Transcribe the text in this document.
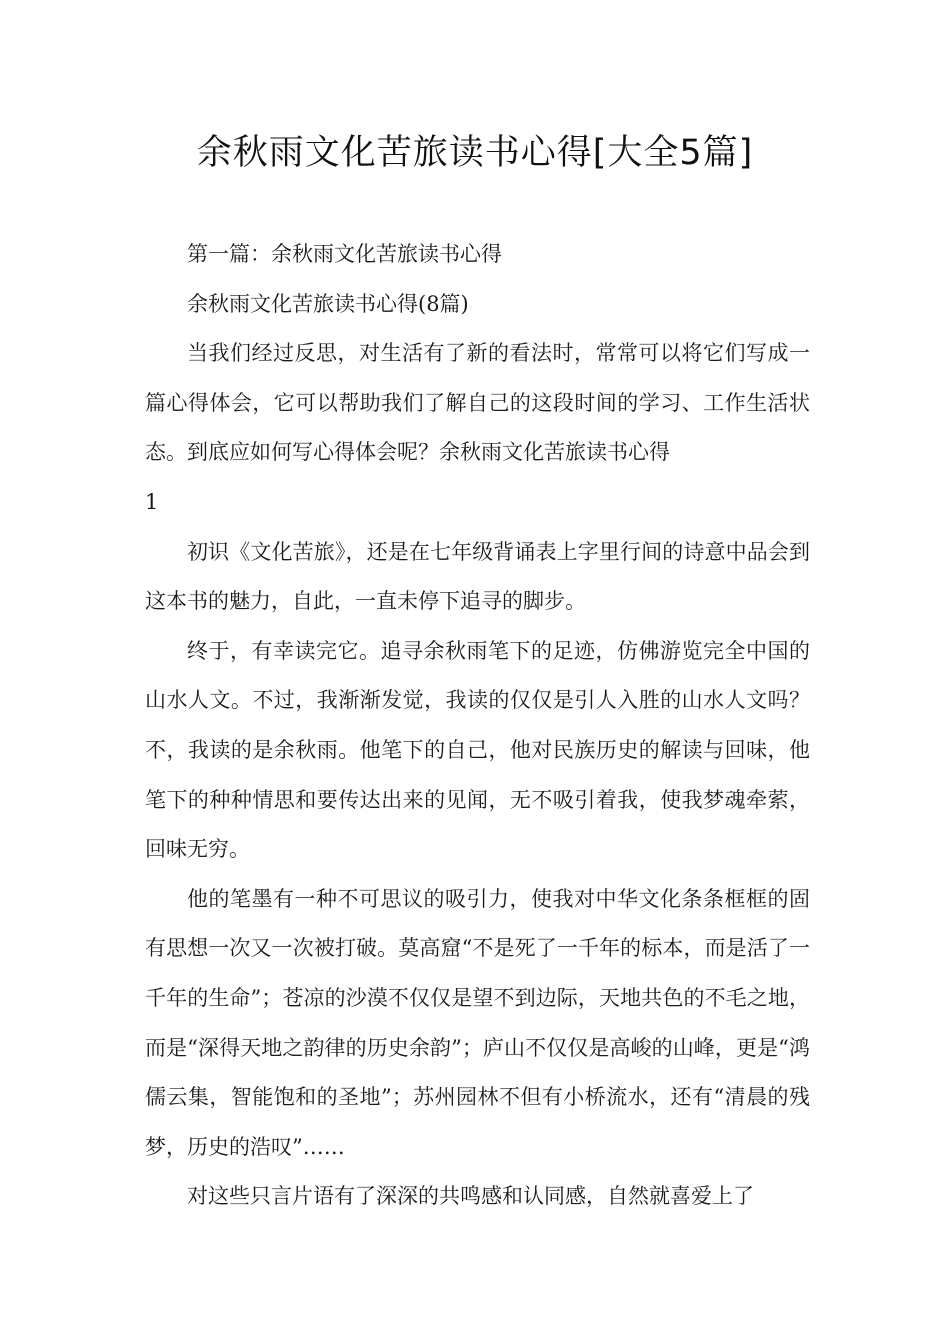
余秋雨文化苦旅读书心得[大全5篇]

第一篇：余秋雨文化苦旅读书心得

余秋雨文化苦旅读书心得(8篇)

当我们经过反思，对生活有了新的看法时，常常可以将它们写成一篇心得体会，它可以帮助我们了解自己的这段时间的学习、工作生活状态。到底应如何写心得体会呢？余秋雨文化苦旅读书心得

1

初识《文化苦旅》，还是在七年级背诵表上字里行间的诗意中品会到这本书的魅力，自此，一直未停下追寻的脚步。

终于，有幸读完它。追寻余秋雨笔下的足迹，仿佛游览完全中国的山水人文。不过，我渐渐发觉，我读的仅仅是引人入胜的山水人文吗？不，我读的是余秋雨。他笔下的自己，他对民族历史的解读与回味，他笔下的种种情思和要传达出来的见闻，无不吸引着我，使我梦魂牵萦，回味无穷。

他的笔墨有一种不可思议的吸引力，使我对中华文化条条框框的固有思想一次又一次被打破。莫高窟“不是死了一千年的标本，而是活了一千年的生命”；苍凉的沙漠不仅仅是望不到边际，天地共色的不毛之地，而是“深得天地之韵律的历史余韵”；庐山不仅仅是高峻的山峰，更是“鸿儒云集，智能饱和的圣地”；苏州园林不但有小桥流水，还有“清晨的残梦，历史的浩叹”……

对这些只言片语有了深深的共鸣感和认同感，自然就喜爱上了
